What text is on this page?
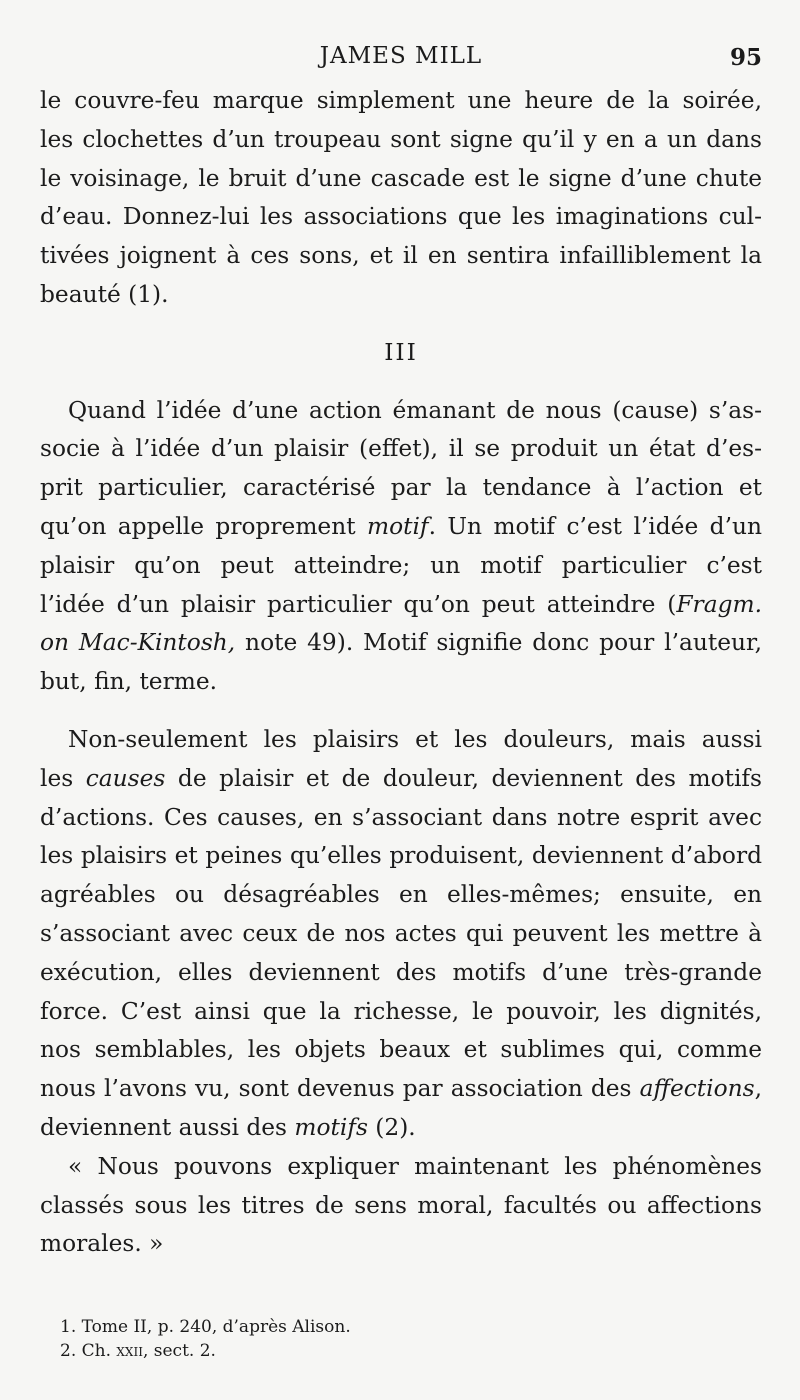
JAMES MILL	95
le couvre-feu marque simplement une heure de la soirée,
les clochettes d’un troupeau sont signe qu’il y en a un dans
le voisinage, le bruit d’une cascade est le signe d’une chute
d’eau. Donnez-lui les associations que les imaginations cul-
tivées joignent à ces sons, et il en sentira infailliblement la
beauté (1).
III
Quand l’idée d’une action émanant de nous (cause) s’as-
socie à l’idée d’un plaisir (effet), il se produit un état d’es-
prit particulier, caractérisé par la tendance à l’action et
qu’on appelle proprement motif. Un motif c’est l’idée d’un
plaisir qu’on peut atteindre; un motif particulier c’est
l’idée d’un plaisir particulier qu’on peut atteindre (Fragm.
on Mac-Kintosh, note 49). Motif signifie donc pour l’auteur,
but, fin, terme.
Non-seulement les plaisirs et les douleurs, mais aussi
les causes de plaisir et de douleur, deviennent des motifs
d’actions. Ces causes, en s’associant dans notre esprit avec
les plaisirs et peines qu’elles produisent, deviennent d’abord
agréables ou désagréables en elles-mêmes; ensuite, en
s’associant avec ceux de nos actes qui peuvent les mettre à
exécution, elles deviennent des motifs d’une très-grande
force. C’est ainsi que la richesse, le pouvoir, les dignités,
nos semblables, les objets beaux et sublimes qui, comme
nous l’avons vu, sont devenus par association des affections,
deviennent aussi des motifs (2).
« Nous pouvons expliquer maintenant les phénomènes
classés sous les titres de sens moral, facultés ou affections
morales. »
1. Tome II, p. 240, d’après Alison.
2. Ch. xxii, sect. 2.
